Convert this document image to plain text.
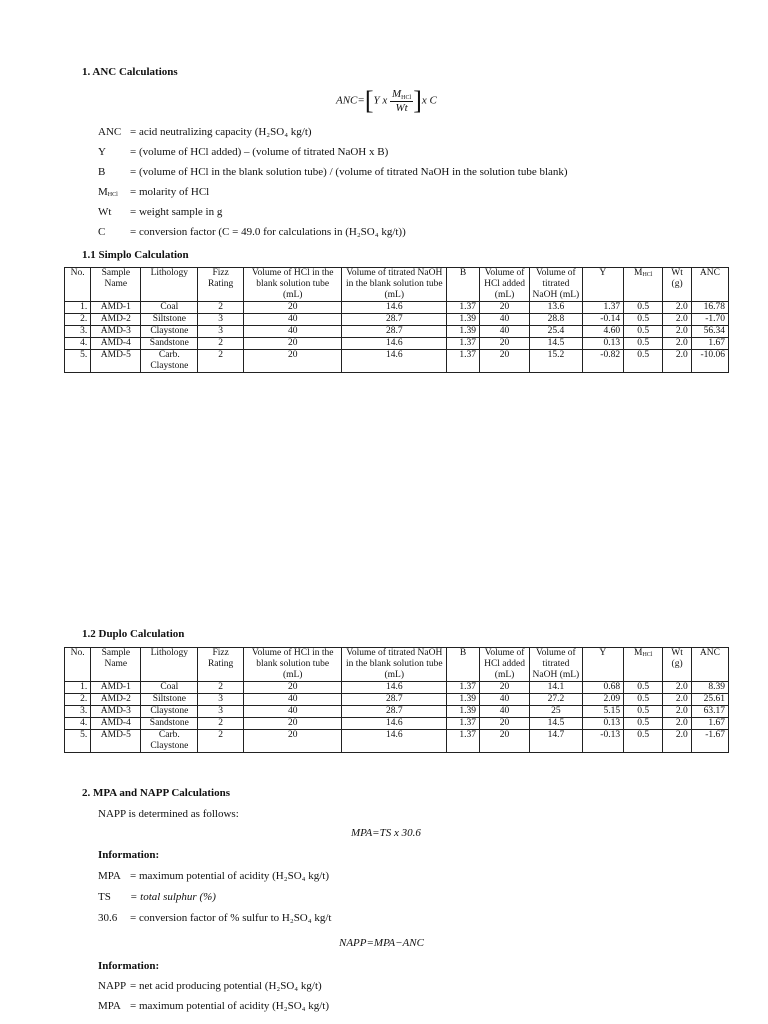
1. ANC Calculations
ANC=[Y x $\frac{M_{HCl}}{Wt} ]x$ C
ANC = acid neutralizing capacity (H₂SO₄ kg/t)
Y = (volume of HCl added) – (volume of titrated NaOH x B)
B = (volume of HCl in the blank solution tube) / (volume of titrated NaOH in the solution tube blank)
MHCl = molarity of HCl
Wt = weight sample in g
C = conversion factor (C = 49.0 for calculations in (H₂SO₄ kg/t))
1.1 Simplo Calculation
No.	Sample Name	Lithology	Fizz Rating	Volume of HCl in the blank solution tube (mL)	Volume of titrated NaOH in the blank solution tube (mL)	B	Volume of HCl added (mL)	Volume of titrated NaOH (mL)	Y	MHCl	Wt (g)	ANC
1.	AMD-1	Coal	2	20	14.6	1.37	20	13.6	1.37	0.5	2.0	16.78
2.	AMD-2	Siltstone	3	40	28.7	1.39	40	28.8	-0.14	0.5	2.0	-1.70
3.	AMD-3	Claystone	3	40	28.7	1.39	40	25.4	4.60	0.5	2.0	56.34
4.	AMD-4	Sandstone	2	20	14.6	1.37	20	14.5	0.13	0.5	2.0	1.67
5.	AMD-5	Carb. Claystone	2	20	14.6	1.37	20	15.2	-0.82	0.5	2.0	-10.06
1.2 Duplo Calculation
No.	Sample Name	Lithology	Fizz Rating	Volume of HCl in the blank solution tube (mL)	Volume of titrated NaOH in the blank solution tube (mL)	B	Volume of HCl added (mL)	Volume of titrated NaOH (mL)	Y	MHCl	Wt (g)	ANC
1.	AMD-1	Coal	2	20	14.6	1.37	20	14.1	0.68	0.5	2.0	8.39
2.	AMD-2	Siltstone	3	40	28.7	1.39	40	27.2	2.09	0.5	2.0	25.61
3.	AMD-3	Claystone	3	40	28.7	1.39	40	25	5.15	0.5	2.0	63.17
4.	AMD-4	Sandstone	2	20	14.6	1.37	20	14.5	0.13	0.5	2.0	1.67
5.	AMD-5	Carb. Claystone	2	20	14.6	1.37	20	14.7	-0.13	0.5	2.0	-1.67
2. MPA and NAPP Calculations
NAPP is determined as follows:
MPA=TS x 30.6
Information:
MPA = maximum potential of acidity (H₂SO₄ kg/t)
TS = total sulphur (%)
30.6 = conversion factor of % sulfur to H₂SO₄ kg/t
NAPP=MPA−ANC
Information:
NAPP = net acid producing potential (H₂SO₄ kg/t)
MPA = maximum potential of acidity (H₂SO₄ kg/t)
